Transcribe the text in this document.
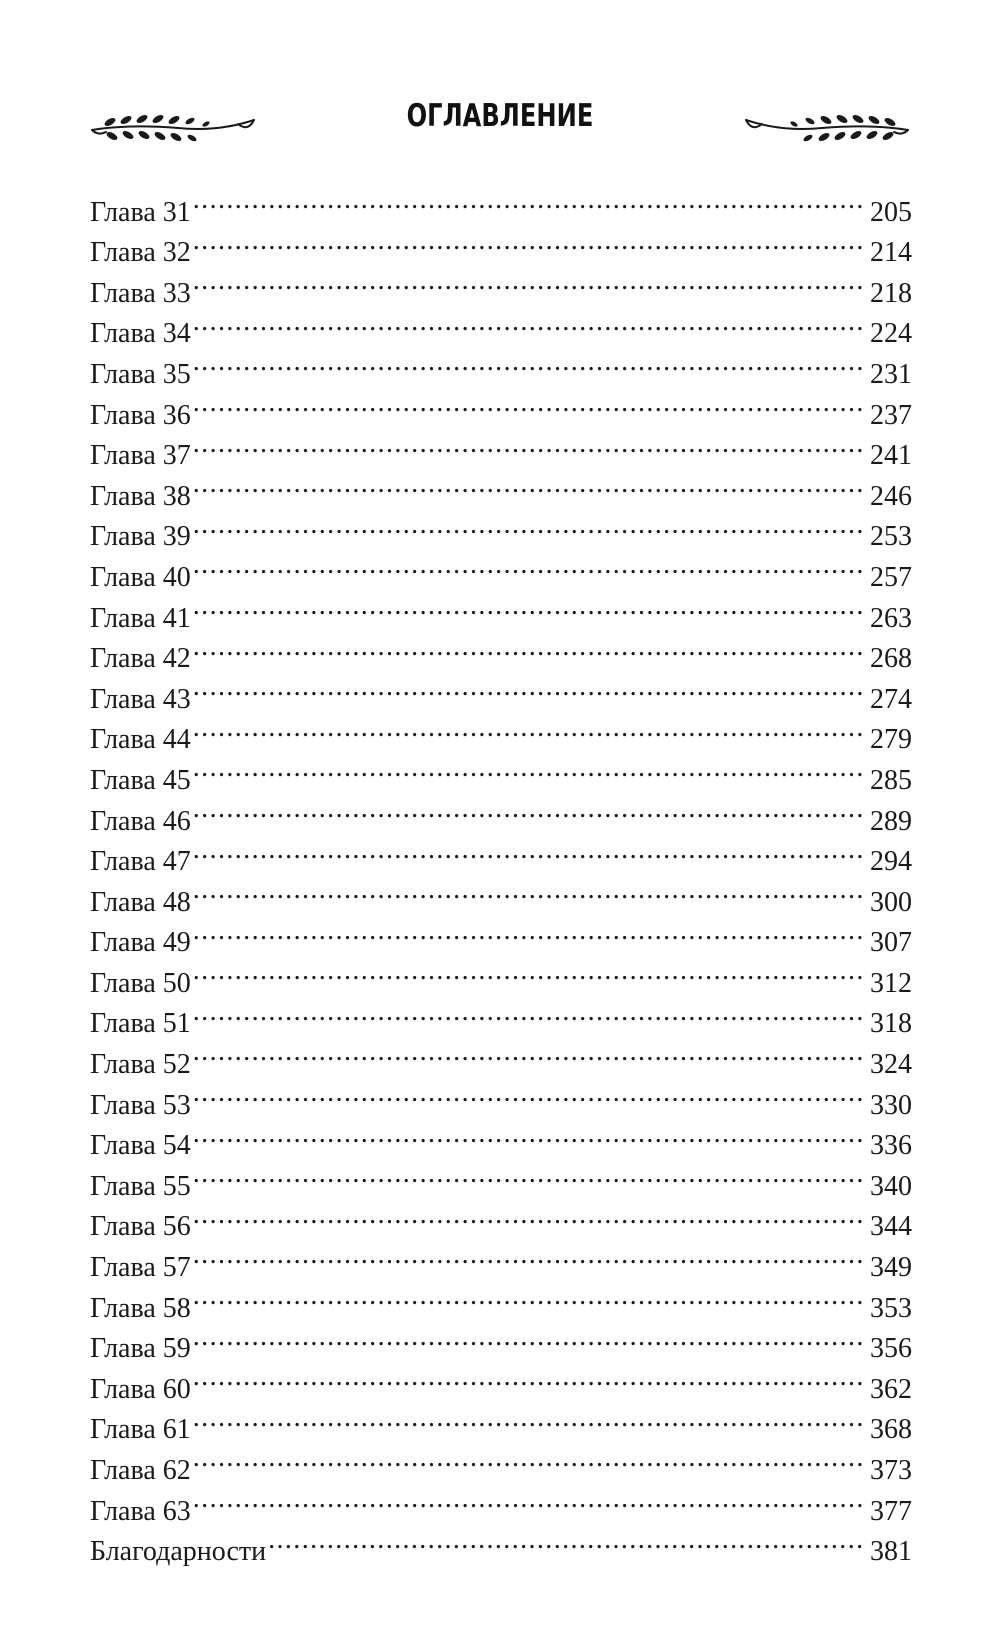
ОГЛАВЛЕНИЕ
Глава 31 .....	205
Глава 32 .....	214
Глава 33 .....	218
Глава 34 .....	224
Глава 35 .....	231
Глава 36 .....	237
Глава 37 .....	241
Глава 38 .....	246
Глава 39 .....	253
Глава 40 .....	257
Глава 41 .....	263
Глава 42 .....	268
Глава 43 .....	274
Глава 44 .....	279
Глава 45 .....	285
Глава 46 .....	289
Глава 47 .....	294
Глава 48 .....	300
Глава 49 .....	307
Глава 50 .....	312
Глава 51 .....	318
Глава 52 .....	324
Глава 53 .....	330
Глава 54 .....	336
Глава 55 .....	340
Глава 56 .....	344
Глава 57 .....	349
Глава 58 .....	353
Глава 59 .....	356
Глава 60 .....	362
Глава 61 .....	368
Глава 62 .....	373
Глава 63 .....	377
Благодарности .....	381
